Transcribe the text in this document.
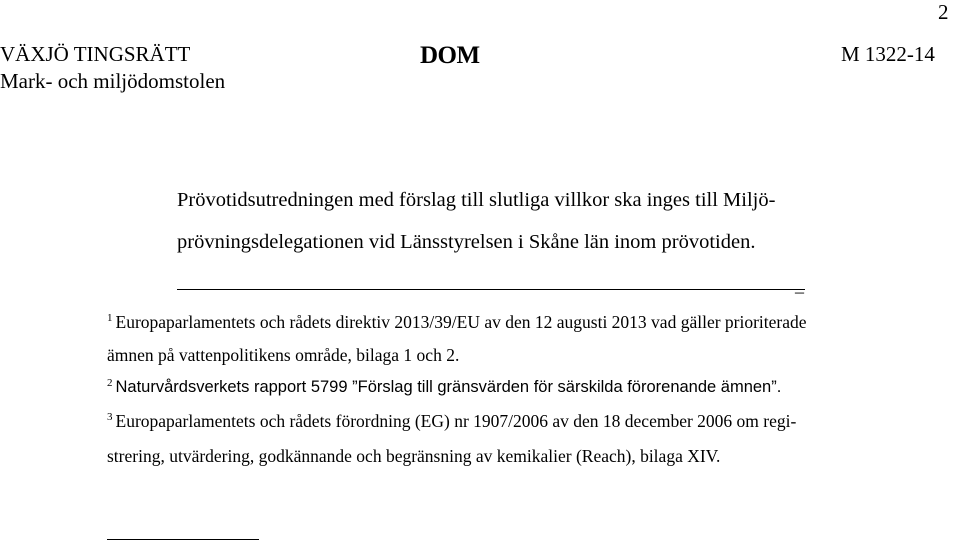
2
VÄXJÖ TINGSRÄTT
Mark- och miljödomstolen
DOM	M 1322-14
Prövotidsutredningen med förslag till slutliga villkor ska inges till Miljö-
prövningsdelegationen vid Länsstyrelsen i Skåne län inom prövotiden.
_
$^1$ Europaparlamentets och rådets direktiv 2013/39/EU av den 12 augusti 2013 vad gäller prioriterade
ämnen på vattenpolitikens område, bilaga 1 och 2.
$^2$ Naturvårdsverkets rapport 5799 ”Förslag till gränsvärden för särskilda förorenande ämnen”.
$^3$ Europaparlamentets och rådets förordning (EG) nr 1907/2006 av den 18 december 2006 om regi-
strering, utvärdering, godkännande och begränsning av kemikalier (Reach), bilaga XIV.
